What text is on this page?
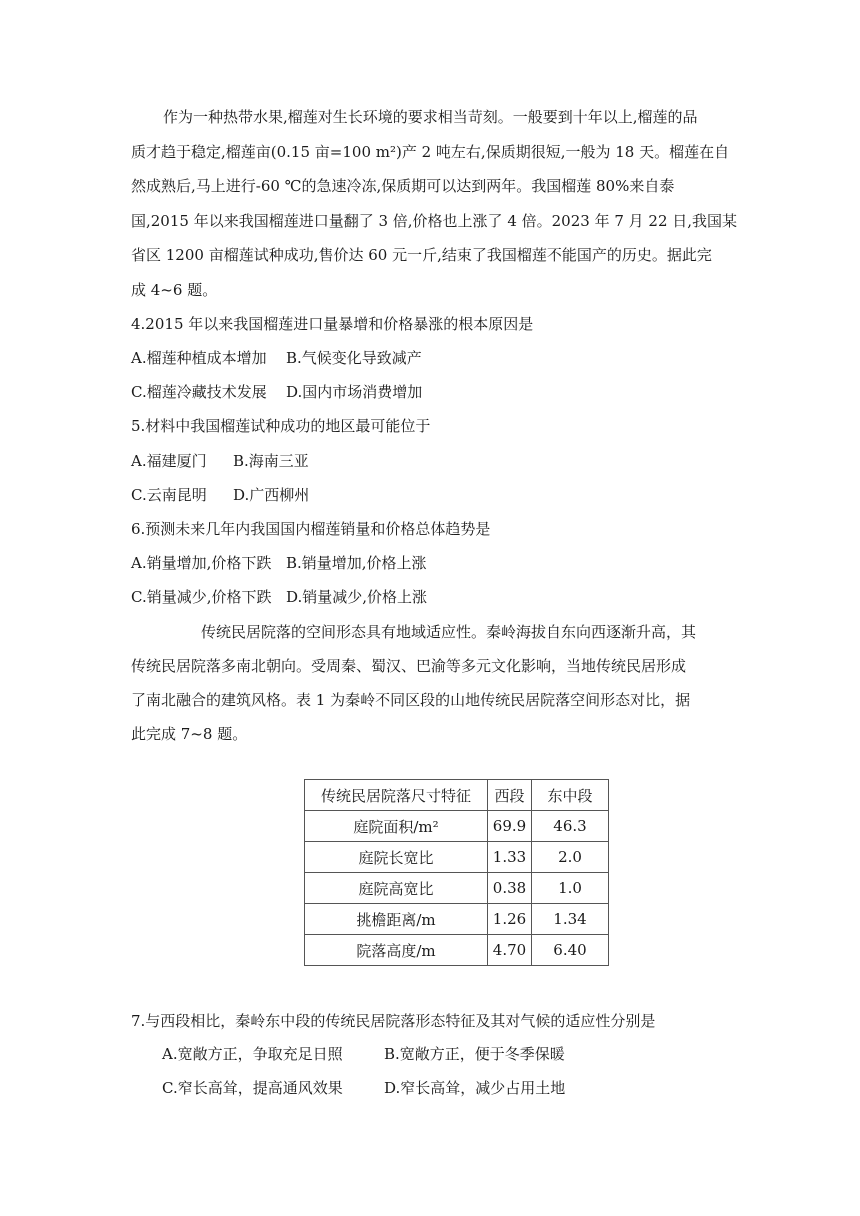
作为一种热带水果,榴莲对生长环境的要求相当苛刻。一般要到十年以上,榴莲的品
质才趋于稳定,榴莲亩(0.15 亩=100 m²)产 2 吨左右,保质期很短,一般为 18 天。榴莲在自
然成熟后,马上进行-60 ℃的急速冷冻,保质期可以达到两年。我国榴莲 80%来自泰
国,2015 年以来我国榴莲进口量翻了 3 倍,价格也上涨了 4 倍。2023 年 7 月 22 日,我国某
省区 1200 亩榴莲试种成功,售价达 60 元一斤,结束了我国榴莲不能国产的历史。据此完
成 4~6 题。
4.2015 年以来我国榴莲进口量暴增和价格暴涨的根本原因是
A.榴莲种植成本增加 B.气候变化导致减产
C.榴莲冷藏技术发展 D.国内市场消费增加
5.材料中我国榴莲试种成功的地区最可能位于
A.福建厦门 B.海南三亚
C.云南昆明 D.广西柳州
6.预测未来几年内我国国内榴莲销量和价格总体趋势是
A.销量增加,价格下跌 B.销量增加,价格上涨
C.销量减少,价格下跌 D.销量减少,价格上涨
传统民居院落的空间形态具有地域适应性。秦岭海拔自东向西逐渐升高，其
传统民居院落多南北朝向。受周秦、蜀汉、巴渝等多元文化影响，当地传统民居形成
了南北融合的建筑风格。表 1 为秦岭不同区段的山地传统民居院落空间形态对比，据
此完成 7~8 题。
传统民居院落尺寸特征	西段	东中段
庭院面积/m²	69.9	46.3
庭院长宽比	1.33	2.0
庭院高宽比	0.38	1.0
挑檐距离/m	1.26	1.34
院落高度/m	4.70	6.40
7.与西段相比，秦岭东中段的传统民居院落形态特征及其对气候的适应性分别是
A.宽敞方正，争取充足日照	B.宽敞方正，便于冬季保暖
C.窄长高耸，提高通风效果	D.窄长高耸，减少占用土地
